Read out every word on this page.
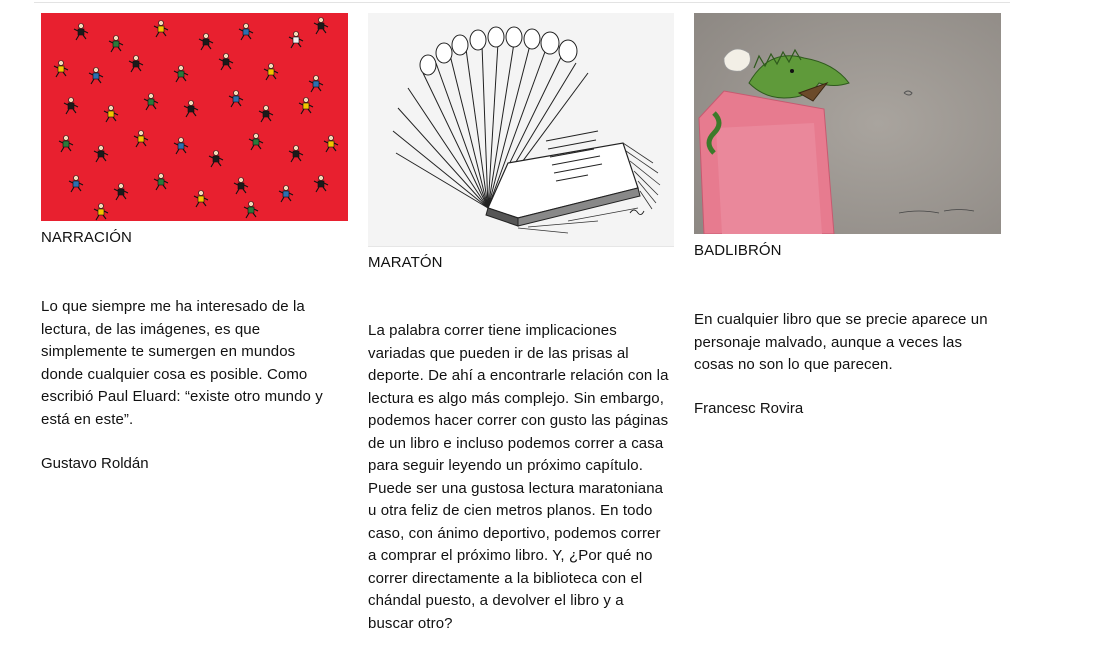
NARRACIÓN
Lo que siempre me ha interesado de la lectura, de las imágenes, es que simplemente te sumergen en mundos donde cualquier cosa es posible. Como escribió Paul Eluard: “existe otro mundo y está en este”.
Gustavo Roldán
MARATÓN
La palabra correr tiene implicaciones variadas que pueden ir de las prisas al deporte. De ahí a encontrarle relación con la lectura es algo más complejo. Sin embargo, podemos hacer correr con gusto las páginas de un libro e incluso podemos correr a casa para seguir leyendo un próximo capítulo. Puede ser una gustosa lectura maratoniana u otra feliz de cien metros planos. En todo caso, con ánimo deportivo, podemos correr a comprar el próximo libro. Y, ¿Por qué no correr directamente a la biblioteca con el chándal puesto, a devolver el libro y a buscar otro?
BADLIBRÓN
En cualquier libro que se precie aparece un personaje malvado, aunque a veces las cosas no son lo que parecen.
Francesc Rovira
